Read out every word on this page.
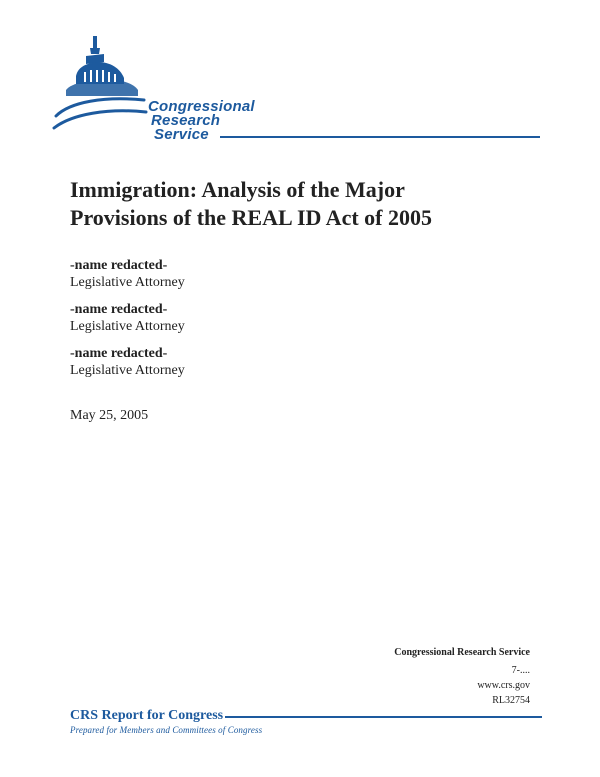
Congressional
Research
Service
Immigration: Analysis of the Major
Provisions of the REAL ID Act of 2005
-name redacted-
Legislative Attorney
-name redacted-
Legislative Attorney
-name redacted-
Legislative Attorney
May 25, 2005
Congressional Research Service
7-....
www.crs.gov
RL32754
CRS Report for Congress
Prepared for Members and Committees of Congress
